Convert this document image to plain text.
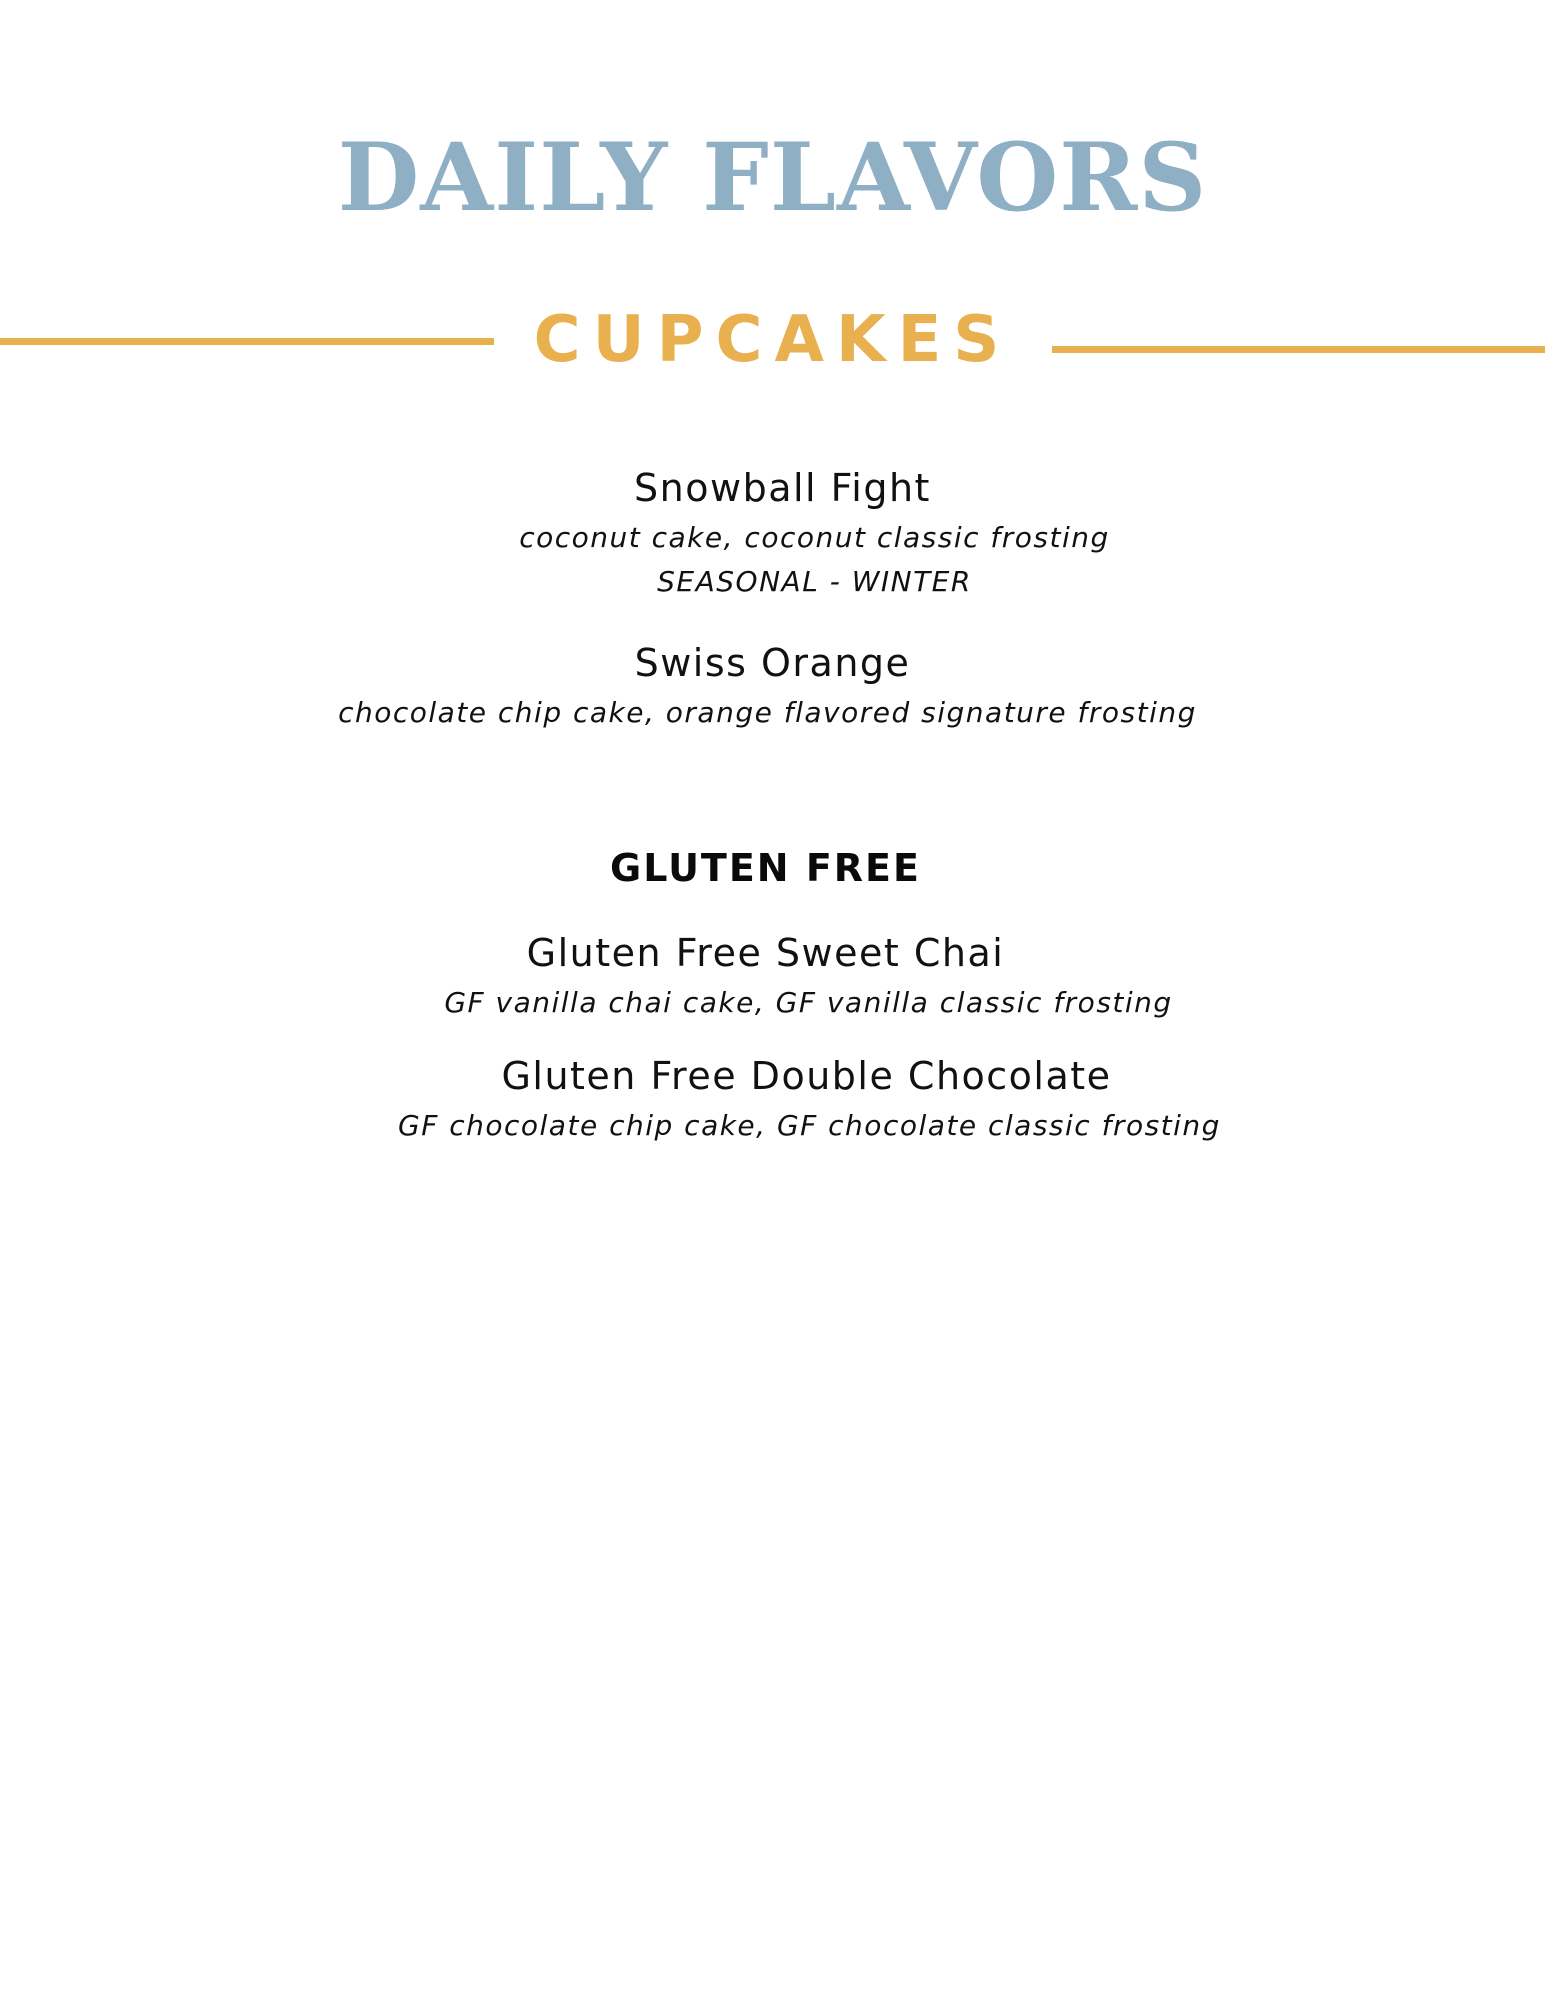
DAILY FLAVORS
CUPCAKES

Snowball Fight

coconut cake, coconut classic frosting

SEASONAL - WINTER

Swiss Orange

chocolate chip cake, orange flavored signature frosting

GLUTEN FREE

Gluten Free Sweet Chai

GF vanilla chai cake, GF vanilla classic frosting

Gluten Free Double Chocolate

GF chocolate chip cake, GF chocolate classic frosting
